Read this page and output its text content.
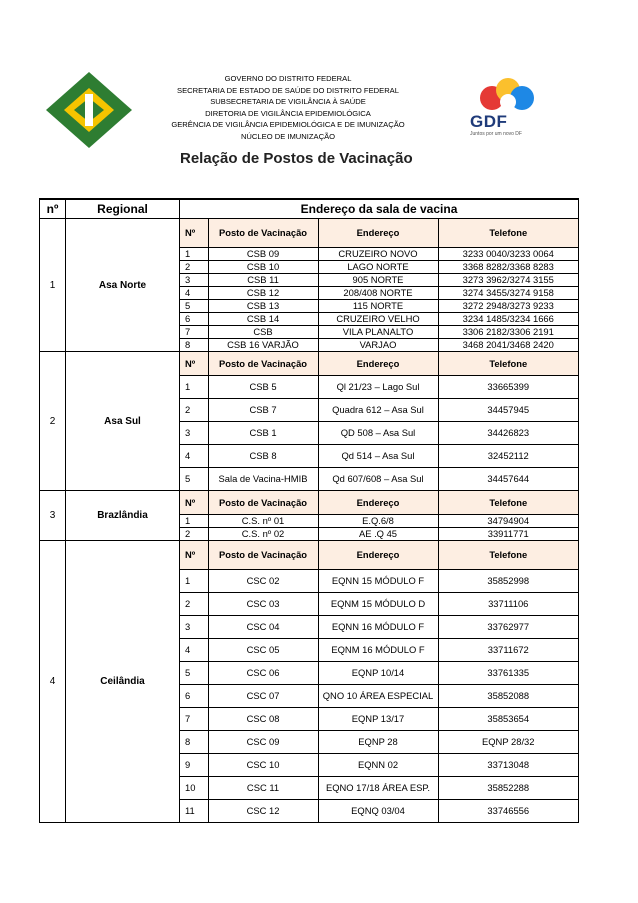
GDF
Juntos por um novo DF
GOVERNO DO DISTRITO FEDERAL
SECRETARIA DE ESTADO DE SAÚDE DO DISTRITO FEDERAL
SUBSECRETARIA DE VIGILÂNCIA À SAÚDE
DIRETORIA DE VIGILÂNCIA EPIDEMIOLÓGICA
GERÊNCIA DE VIGILÂNCIA EPIDEMIOLÓGICA E DE IMUNIZAÇÃO
NÚCLEO DE IMUNIZAÇÃO
Relação de Postos de Vacinação
nº	Regional	Endereço da sala de vacina
1	Asa Norte	
Nº	Posto de Vacinação	Endereço	Telefone
1	CSB 09	CRUZEIRO NOVO	3233 0040/3233 0064
2	CSB 10	LAGO NORTE	3368 8282/3368 8283
3	CSB 11	905 NORTE	3273 3962/3274 3155
4	CSB 12	208/408 NORTE	3274 3455/3274 9158
5	CSB 13	115 NORTE	3272 2948/3273 9233
6	CSB 14	CRUZEIRO VELHO	3234 1485/3234 1666
7	CSB	VILA PLANALTO	3306 2182/3306 2191
8	CSB 16 VARJÃO	VARJAO	3468 2041/3468 2420

2	Asa Sul	
Nº	Posto de Vacinação	Endereço	Telefone
1	CSB 5	Ql 21/23 – Lago Sul	33665399
2	CSB 7	Quadra 612 – Asa Sul	34457945
3	CSB 1	QD 508 – Asa Sul	34426823
4	CSB 8	Qd 514 – Asa Sul	32452112
5	Sala de Vacina-HMIB	Qd 607/608 – Asa Sul	34457644

3	Brazlândia	
Nº	Posto de Vacinação	Endereço	Telefone
1	C.S. nº 01	E.Q.6/8	34794904
2	C.S. nº 02	AE .Q 45	33911771

4	Ceilândia	
Nº	Posto de Vacinação	Endereço	Telefone
1	CSC 02	EQNN 15 MÓDULO F	35852998
2	CSC 03	EQNM 15 MÓDULO D	33711106
3	CSC 04	EQNN 16 MÓDULO F	33762977
4	CSC 05	EQNM 16 MÓDULO F	33711672
5	CSC 06	EQNP 10/14	33761335
6	CSC 07	QNO 10 ÁREA ESPECIAL	35852088
7	CSC 08	EQNP 13/17	35853654
8	CSC 09	EQNP 28	EQNP 28/32
9	CSC 10	EQNN 02	33713048
10	CSC 11	EQNO 17/18 ÁREA ESP.	35852288
11	CSC 12	EQNQ 03/04	33746556
